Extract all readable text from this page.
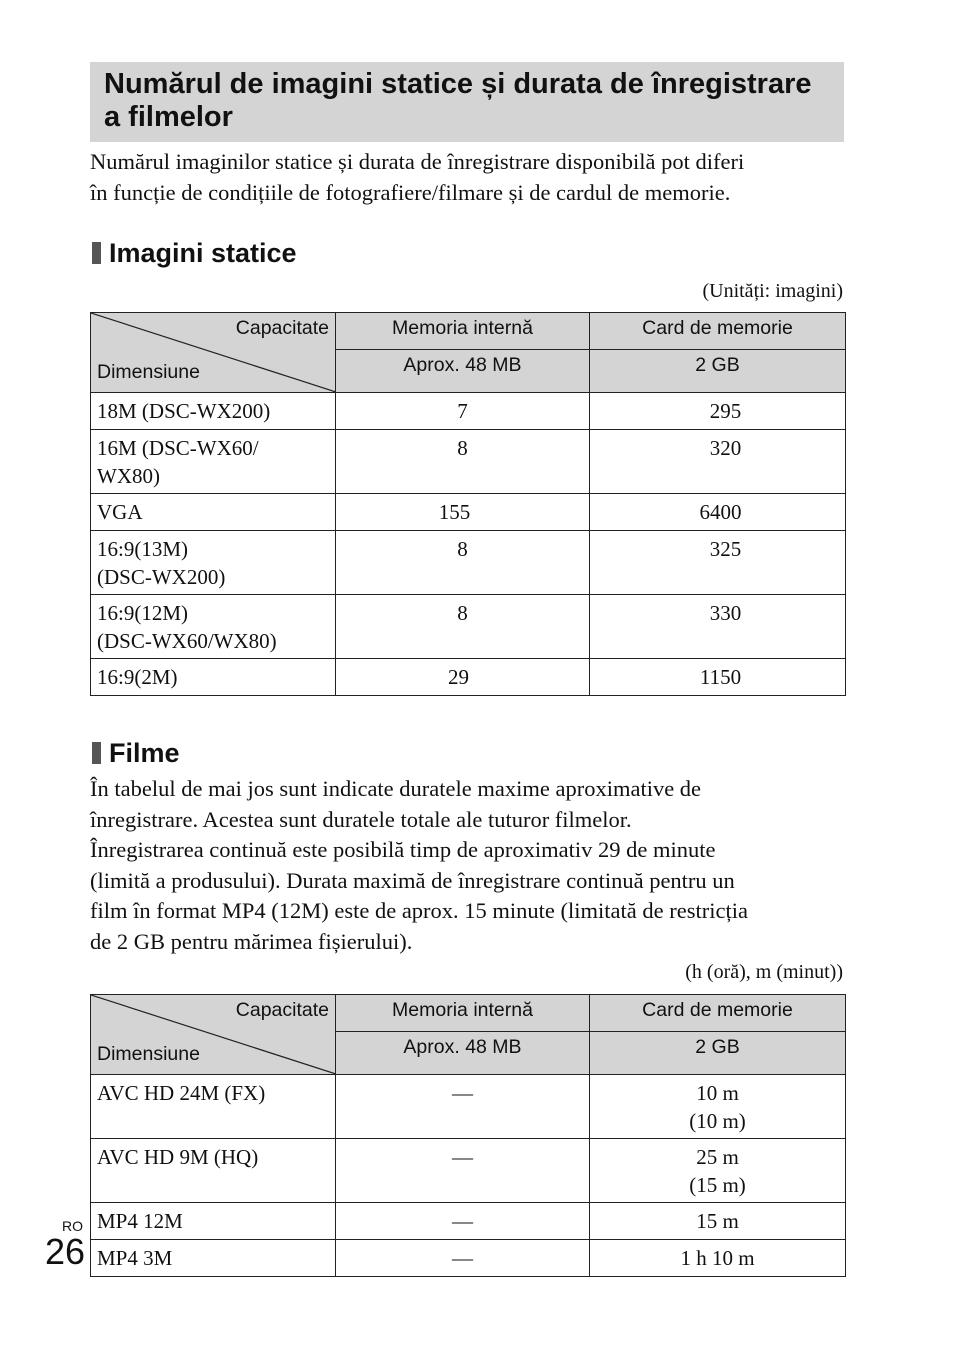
Numărul de imagini statice și durata de înregistrare a filmelor

Numărul imaginilor statice și durata de înregistrare disponibilă pot diferi
în funcție de condițiile de fotografiere/filmare și de cardul de memorie.

Imagini statice
(Unități: imagini)
Capacitate
Dimensiune	Memoria internă	Card de memorie

	Aprox. 48 MB	2 GB

18M (DSC-WX200)	7	295
16M (DSC-WX60/
WX80)	8	320
VGA	155	6400
16:9(13M)
(DSC-WX200)	8	325
16:9(12M)
(DSC-WX60/WX80)	8	330
16:9(2M)	29	1150
Filme

În tabelul de mai jos sunt indicate duratele maxime aproximative de
înregistrare. Acestea sunt duratele totale ale tuturor filmelor.
Înregistrarea continuă este posibilă timp de aproximativ 29 de minute
(limită a produsului). Durata maximă de înregistrare continuă pentru un
film în format MP4 (12M) este de aprox. 15 minute (limitată de restricția
de 2 GB pentru mărimea fișierului).

(h (oră), m (minut))
Capacitate
Dimensiune	Memoria internă	Card de memorie

	Aprox. 48 MB	2 GB

AVC HD 24M (FX)	—	10 m
(10 m)
AVC HD 9M (HQ)	—	25 m
(15 m)
MP4 12M	—	15 m
MP4 3M	—	1 h 10 m
RO
26
